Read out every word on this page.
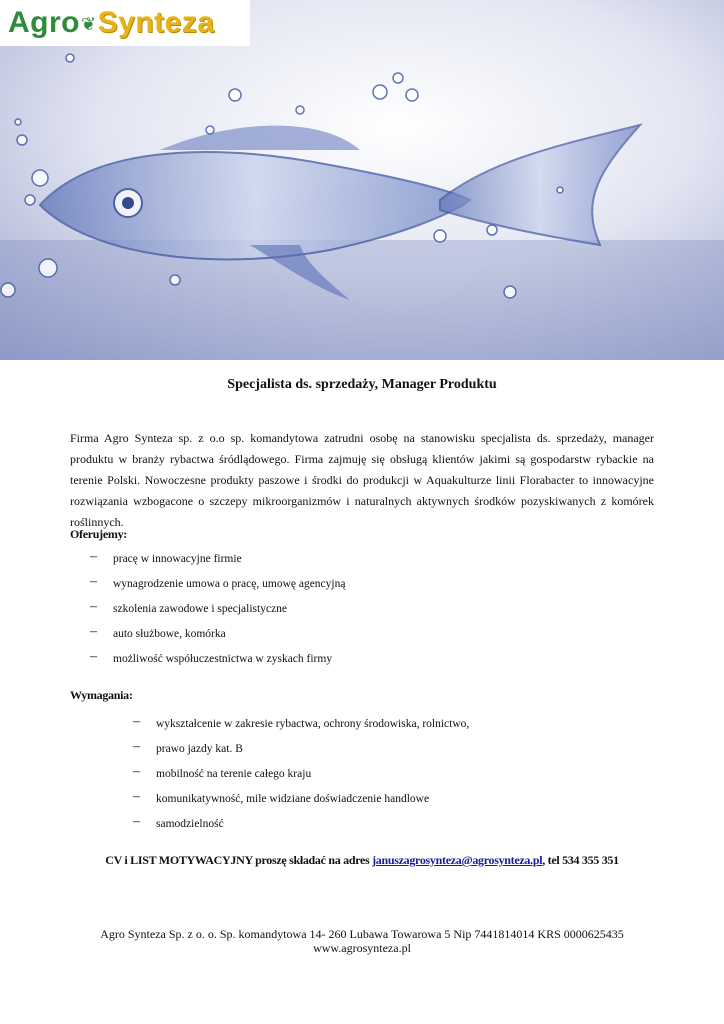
Agro❦Synteza
Specjalista ds. sprzedaży, Manager Produktu
Firma Agro Synteza sp. z o.o sp. komandytowa zatrudni osobę na stanowisku specjalista ds. sprzedaży, manager produktu w branży rybactwa śródlądowego. Firma zajmuję się obsługą klientów jakimi są gospodarstw rybackie na terenie Polski. Nowoczesne produkty paszowe i środki do produkcji w Aquakulturze linii Florabacter to innowacyjne rozwiązania wzbogacone o szczepy mikroorganizmów i naturalnych aktywnych środków pozyskiwanych z komórek roślinnych.
Oferujemy:
– pracę w innowacyjne firmie
– wynagrodzenie umowa o pracę, umowę agencyjną
– szkolenia zawodowe i specjalistyczne
– auto służbowe, komórka
– możliwość współuczestnictwa w zyskach firmy
Wymagania:
– wykształcenie w zakresie rybactwa, ochrony środowiska, rolnictwo,
– prawo jazdy kat. B
– mobilność na terenie całego kraju
– komunikatywność, mile widziane doświadczenie handlowe
– samodzielność
CV i LIST MOTYWACYJNY proszę składać na adres januszagrosynteza@agrosynteza.pl, tel 534 355 351
Agro Synteza Sp. z o. o. Sp. komandytowa 14- 260 Lubawa Towarowa 5 Nip 7441814014 KRS 0000625435
www.agrosynteza.pl
